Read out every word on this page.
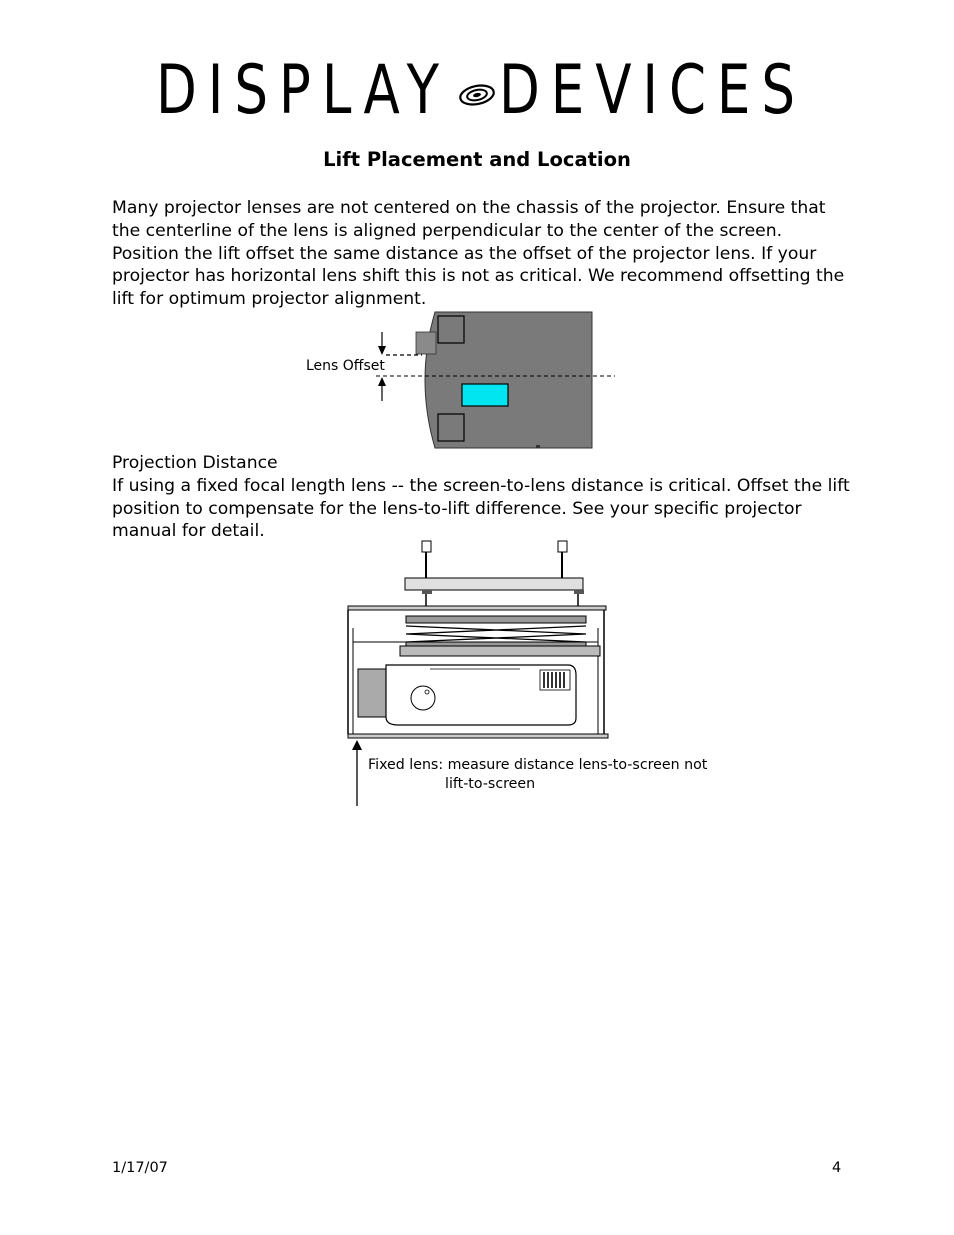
DISPLAY DEVICES
Lift Placement and Location

Many projector lenses are not centered on the chassis of the projector. Ensure that the centerline of the lens is aligned perpendicular to the center of the screen. Position the lift offset the same distance as the offset of the projector lens. If your projector has horizontal lens shift this is not as critical. We recommend offsetting the lift for optimum projector alignment.

Lens Offset

Projection Distance
If using a fixed focal length lens -- the screen-to-lens distance is critical. Offset the lift position to compensate for the lens-to-lift difference. See your specific projector manual for detail.

Fixed lens: measure distance lens-to-screen not
lift-to-screen
1/17/07	4
